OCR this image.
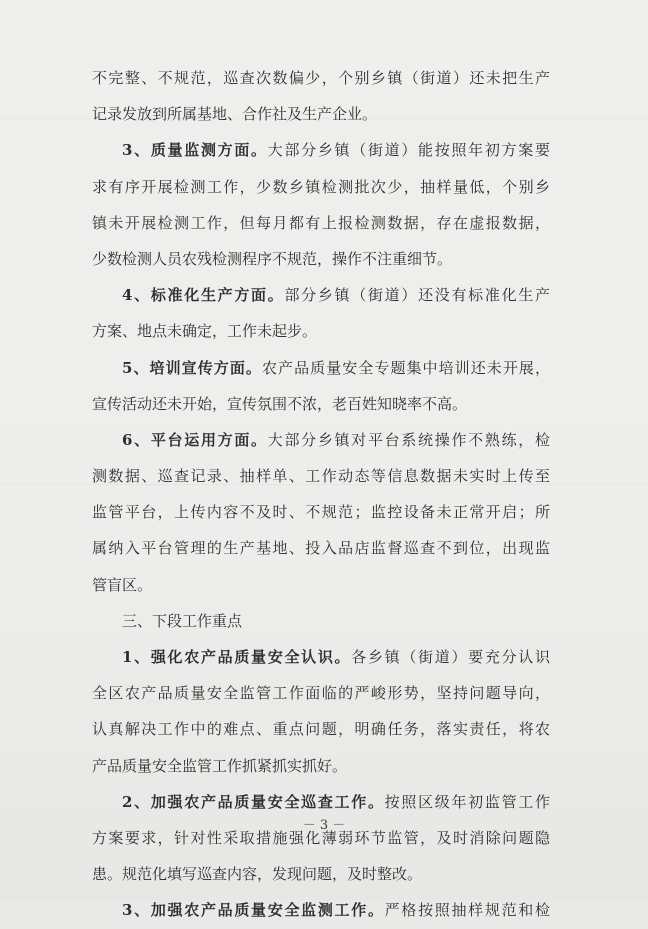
不完整、不规范，巡查次数偏少，个别乡镇（街道）还未把生产
记录发放到所属基地、合作社及生产企业。
3、质量监测方面。大部分乡镇（街道）能按照年初方案要
求有序开展检测工作，少数乡镇检测批次少，抽样量低，个别乡
镇未开展检测工作，但每月都有上报检测数据，存在虚报数据，
少数检测人员农残检测程序不规范，操作不注重细节。
4、标准化生产方面。部分乡镇（街道）还没有标准化生产
方案、地点未确定，工作未起步。
5、培训宣传方面。农产品质量安全专题集中培训还未开展，
宣传活动还未开始，宣传氛围不浓，老百姓知晓率不高。
6、平台运用方面。大部分乡镇对平台系统操作不熟练，检
测数据、巡查记录、抽样单、工作动态等信息数据未实时上传至
监管平台，上传内容不及时、不规范；监控设备未正常开启；所
属纳入平台管理的生产基地、投入品店监督巡查不到位，出现监
管盲区。
三、下段工作重点
1、强化农产品质量安全认识。各乡镇（街道）要充分认识
全区农产品质量安全监管工作面临的严峻形势，坚持问题导向，
认真解决工作中的难点、重点问题，明确任务，落实责任，将农
产品质量安全监管工作抓紧抓实抓好。
2、加强农产品质量安全巡查工作。按照区级年初监管工作
方案要求，针对性采取措施强化薄弱环节监管，及时消除问题隐
患。规范化填写巡查内容，发现问题，及时整改。
3、加强农产品质量安全监测工作。严格按照抽样规范和检
－ 3 －
